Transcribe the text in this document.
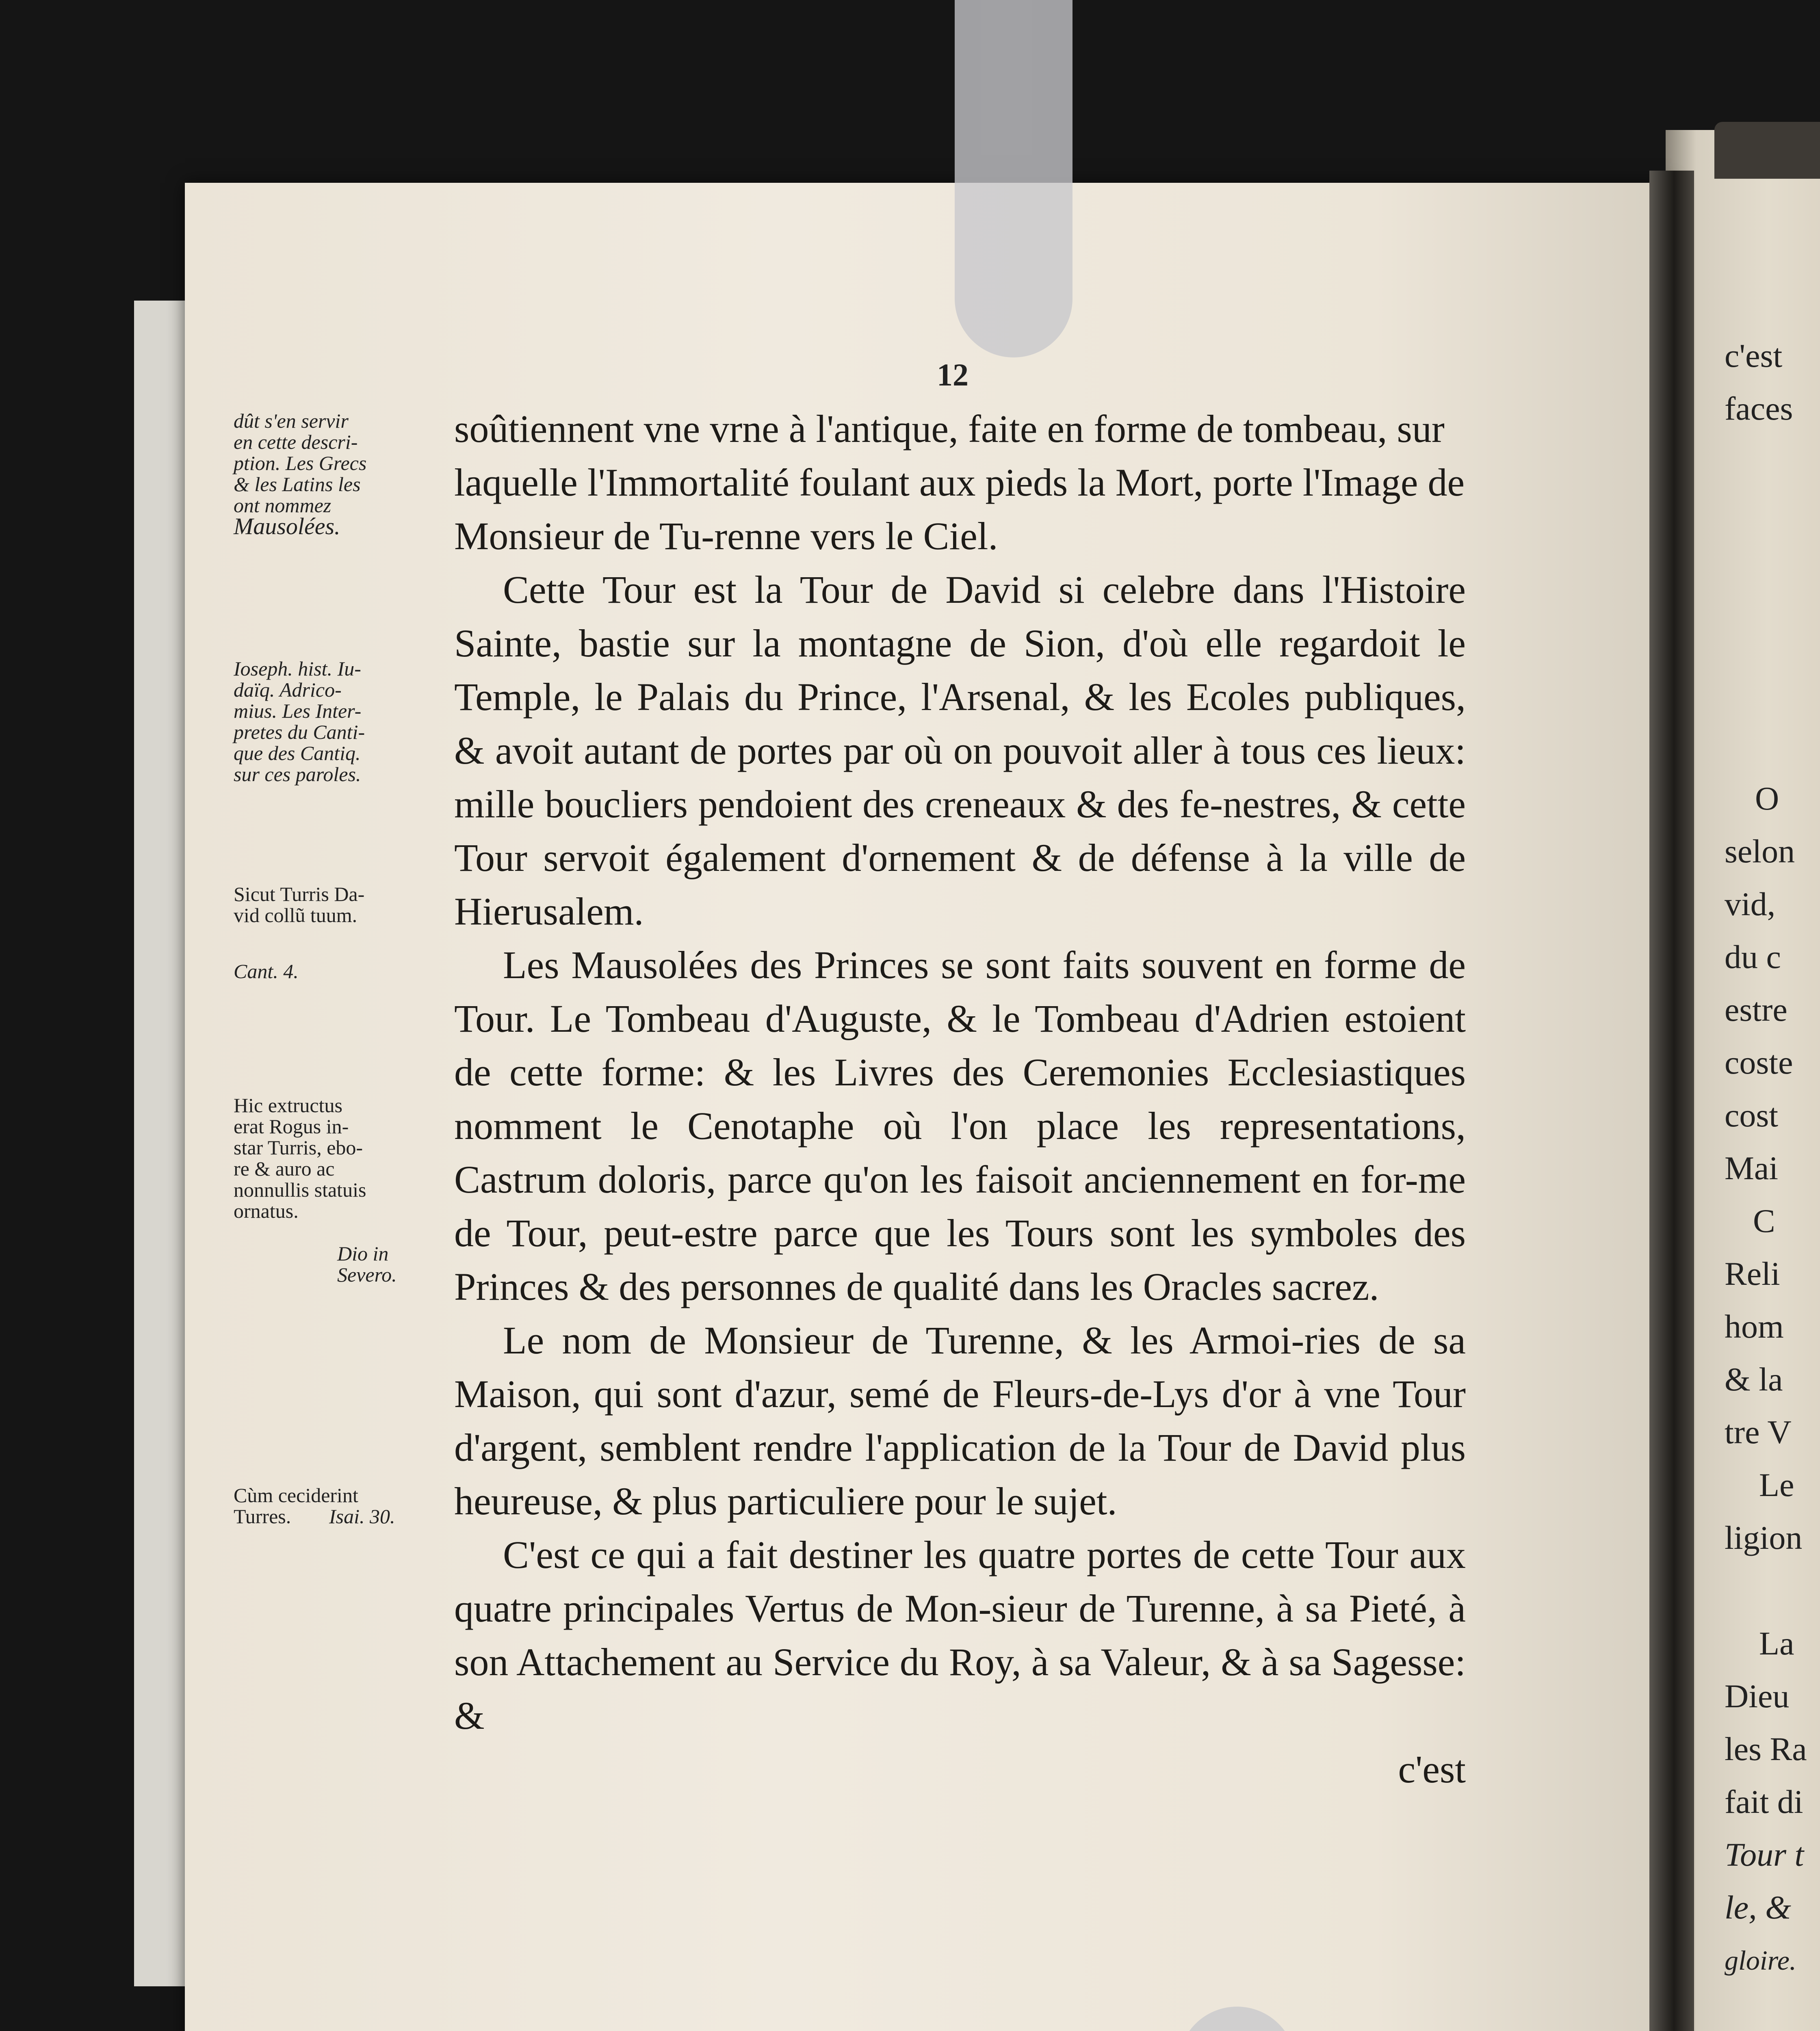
12
dût s'en servir
en cette descri-
ption. Les Grecs
& les Latins les
ont nommez
Mausolées.
Ioseph. hist. Iu-
daïq. Adrico-
mius. Les Inter-
pretes du Canti-
que des Cantiq.
sur ces paroles.
Sicut Turris Da-
vid collũ tuum.
Cant. 4.
Hic extructus
erat Rogus in-
star Turris, ebo-
re & auro ac
nonnullis statuis
ornatus.
Dio in
Severo.
Cùm ceciderint
Turres.	Isai. 30.

soûtiennent vne vrne à l'antique, faite en forme de tombeau, sur laquelle l'Immortalité foulant aux pieds la Mort, porte l'Image de Monsieur de Tu-renne vers le Ciel.

Cette Tour est la Tour de David si celebre dans l'Histoire Sainte, bastie sur la montagne de Sion, d'où elle regardoit le Temple, le Palais du Prince, l'Arsenal, & les Ecoles publiques, & avoit autant de portes par où on pouvoit aller à tous ces lieux: mille boucliers pendoient des creneaux & des fe-nestres, & cette Tour servoit également d'ornement & de défense à la ville de Hierusalem.

Les Mausolées des Princes se sont faits souvent en forme de Tour. Le Tombeau d'Auguste, & le Tombeau d'Adrien estoient de cette forme: & les Livres des Ceremonies Ecclesiastiques nomment le Cenotaphe où l'on place les representations, Castrum doloris, parce qu'on les faisoit anciennement en for-me de Tour, peut-estre parce que les Tours sont les symboles des Princes & des personnes de qualité dans les Oracles sacrez.

Le nom de Monsieur de Turenne, & les Armoi-ries de sa Maison, qui sont d'azur, semé de Fleurs-de-Lys d'or à vne Tour d'argent, semblent rendre l'application de la Tour de David plus heureuse, & plus particuliere pour le sujet.

C'est ce qui a fait destiner les quatre portes de cette Tour aux quatre principales Vertus de Mon-sieur de Turenne, à sa Pieté, à son Attachement au Service du Roy, à sa Valeur, & à sa Sagesse: &

c'est

c'est
faces
O
selon
vid,
du c
estre
coste
cost
Mai
C
Reli
hom
& la
tre V
Le
ligion
La
Dieu
les Ra
fait di
Tour t
le, &
gloire.
